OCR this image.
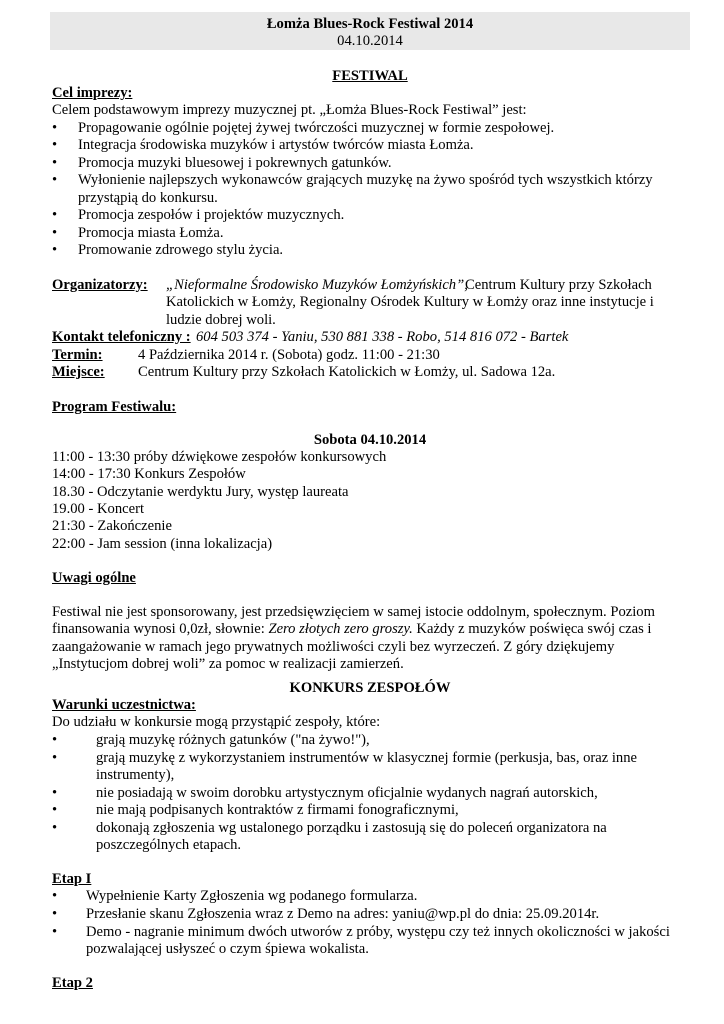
Łomża Blues-Rock Festiwal 2014
04.10.2014
FESTIWAL
Cel imprezy:
Celem podstawowym imprezy muzycznej pt. „Łomża Blues-Rock Festiwal” jest:
• Propagowanie ogólnie pojętej żywej twórczości muzycznej w formie zespołowej.
• Integracja środowiska muzyków i artystów twórców miasta Łomża.
• Promocja muzyki bluesowej i pokrewnych gatunków.
• Wyłonienie najlepszych wykonawców grających muzykę na żywo spośród tych wszystkich którzy
przystąpią do konkursu.
• Promocja zespołów i projektów muzycznych.
• Promocja miasta Łomża.
• Promowanie zdrowego stylu życia.
Organizatorzy: „Nieformalne Środowisko Muzyków Łomżyńskich”,
Centrum Kultury przy Szkołach
Katolickich w Łomży, Regionalny Ośrodek Kultury w Łomży oraz inne instytucje i
ludzie dobrej woli.
Kontakt telefoniczny : 604 503 374 - Yaniu, 530 881 338 - Robo, 514 816 072 - Bartek
Termin: 4 Października 2014 r. (Sobota) godz. 11:00 - 21:30
Miejsce: Centrum Kultury przy Szkołach Katolickich w Łomży, ul. Sadowa 12a.
Program Festiwalu:
Sobota 04.10.2014
11:00 - 13:30 próby dźwiękowe zespołów konkursowych
14:00 - 17:30 Konkurs Zespołów
18.30 - Odczytanie werdyktu Jury, występ laureata
19.00 - Koncert
21:30 - Zakończenie
22:00 - Jam session (inna lokalizacja)
Uwagi ogólne
Festiwal nie jest sponsorowany, jest przedsięwzięciem w samej istocie oddolnym, społecznym. Poziom
finansowania wynosi 0,0zł, słownie: Zero złotych zero groszy. Każdy z muzyków poświęca swój czas i
zaangażowanie w ramach jego prywatnych możliwości czyli bez wyrzeczeń. Z góry dziękujemy
„Instytucjom dobrej woli” za pomoc w realizacji zamierzeń.
KONKURS ZESPOŁÓW
Warunki uczestnictwa:
Do udziału w konkursie mogą przystąpić zespoły, które:
•	grają muzykę różnych gatunków ("na żywo!"),
•	grają muzykę z wykorzystaniem instrumentów w klasycznej formie (perkusja, bas, oraz inne
instrumenty),
•	nie posiadają w swoim dorobku artystycznym oficjalnie wydanych nagrań autorskich,
•	nie mają podpisanych kontraktów z firmami fonograficznymi,
•	dokonają zgłoszenia wg ustalonego porządku i zastosują się do poleceń organizatora na
poszczególnych etapach.
Etap I
• Wypełnienie Karty Zgłoszenia wg podanego formularza.
• Przesłanie skanu Zgłoszenia wraz z Demo na adres: yaniu@wp.pl do dnia: 25.09.2014r.
• Demo - nagranie minimum dwóch utworów z próby, występu czy też innych okoliczności w jakości
pozwalającej usłyszeć o czym śpiewa wokalista.
Etap 2
